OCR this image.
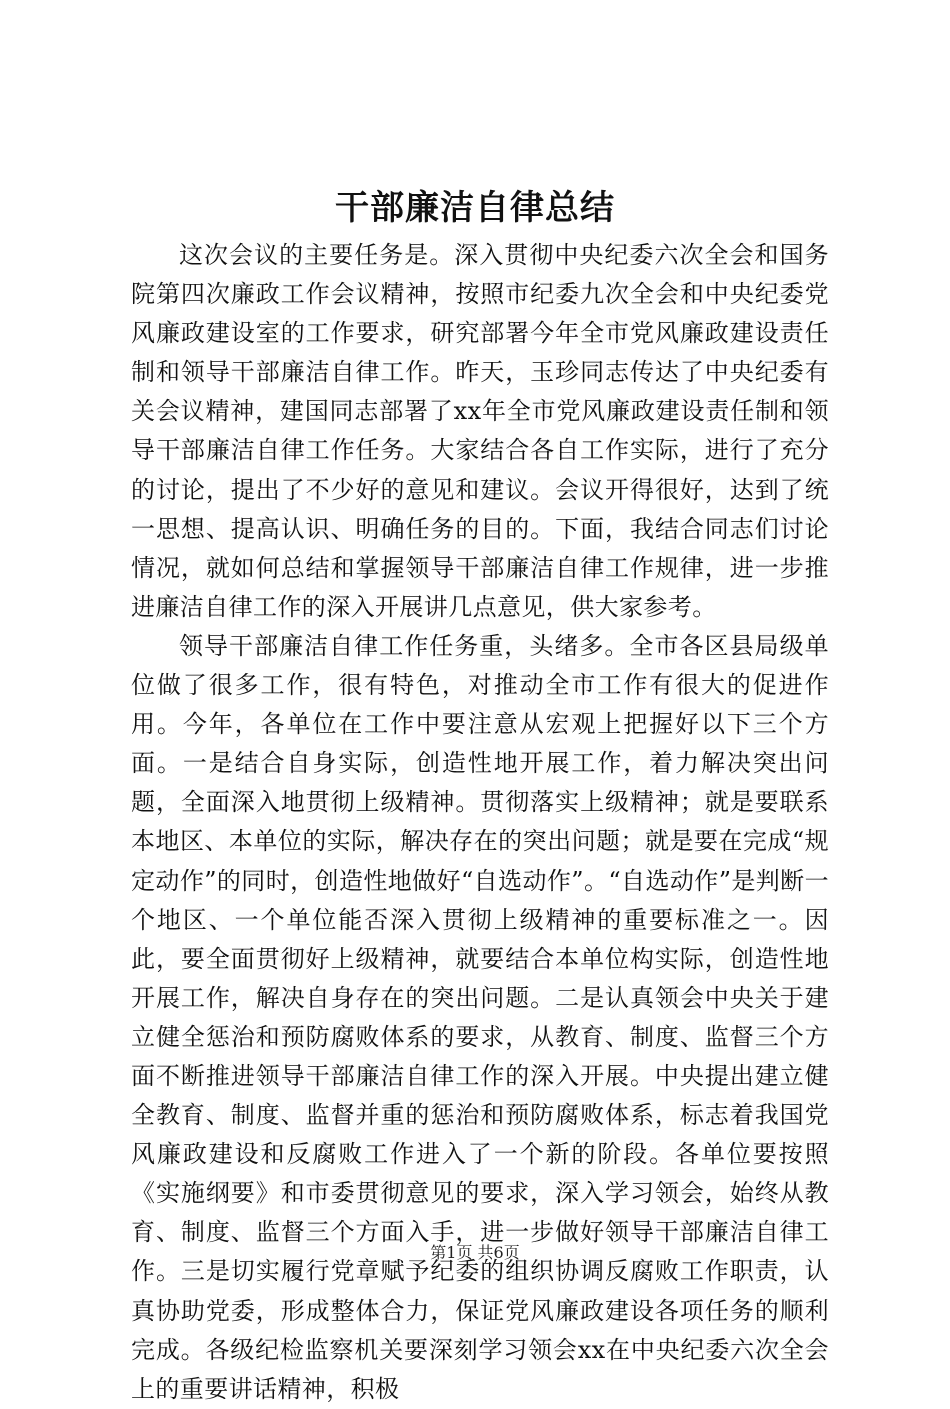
干部廉洁自律总结

这次会议的主要任务是。深入贯彻中央纪委六次全会和国务院第四次廉政工作会议精神，按照市纪委九次全会和中央纪委党风廉政建设室的工作要求，研究部署今年全市党风廉政建设责任制和领导干部廉洁自律工作。昨天，玉珍同志传达了中央纪委有关会议精神，建国同志部署了xx年全市党风廉政建设责任制和领导干部廉洁自律工作任务。大家结合各自工作实际，进行了充分的讨论，提出了不少好的意见和建议。会议开得很好，达到了统一思想、提高认识、明确任务的目的。下面，我结合同志们讨论情况，就如何总结和掌握领导干部廉洁自律工作规律，进一步推进廉洁自律工作的深入开展讲几点意见，供大家参考。

领导干部廉洁自律工作任务重，头绪多。全市各区县局级单位做了很多工作，很有特色，对推动全市工作有很大的促进作用。今年，各单位在工作中要注意从宏观上把握好以下三个方面。一是结合自身实际，创造性地开展工作，着力解决突出问题，全面深入地贯彻上级精神。贯彻落实上级精神；就是要联系本地区、本单位的实际，解决存在的突出问题；就是要在完成“规定动作”的同时，创造性地做好“自选动作”。“自选动作”是判断一个地区、一个单位能否深入贯彻上级精神的重要标准之一。因此，要全面贯彻好上级精神，就要结合本单位构实际，创造性地开展工作，解决自身存在的突出问题。二是认真领会中央关于建立健全惩治和预防腐败体系的要求，从教育、制度、监督三个方面不断推进领导干部廉洁自律工作的深入开展。中央提出建立健全教育、制度、监督并重的惩治和预防腐败体系，标志着我国党风廉政建设和反腐败工作进入了一个新的阶段。各单位要按照《实施纲要》和市委贯彻意见的要求，深入学习领会，始终从教育、制度、监督三个方面入手，进一步做好领导干部廉洁自律工作。三是切实履行党章赋予纪委的组织协调反腐败工作职责，认真协助党委，形成整体合力，保证党风廉政建设各项任务的顺利完成。各级纪检监察机关要深刻学习领会xx在中央纪委六次全会上的重要讲话精神，积极

第1页 共6页
